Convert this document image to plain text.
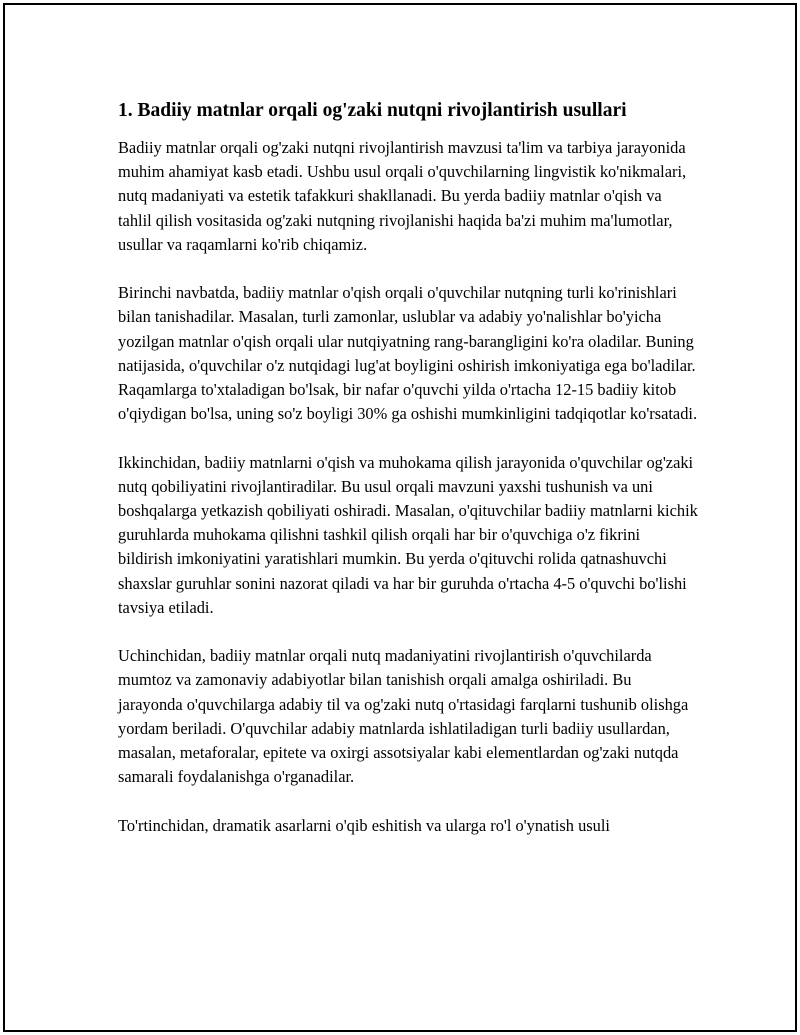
1. Badiiy matnlar orqali og'zaki nutqni rivojlantirish usullari

Badiiy matnlar orqali og'zaki nutqni rivojlantirish mavzusi ta'lim va tarbiya jarayonida muhim ahamiyat kasb etadi. Ushbu usul orqali o'quvchilarning lingvistik ko'nikmalari, nutq madaniyati va estetik tafakkuri shakllanadi. Bu yerda badiiy matnlar o'qish va tahlil qilish vositasida og'zaki nutqning rivojlanishi haqida ba'zi muhim ma'lumotlar, usullar va raqamlarni ko'rib chiqamiz.

Birinchi navbatda, badiiy matnlar o'qish orqali o'quvchilar nutqning turli ko'rinishlari bilan tanishadilar. Masalan, turli zamonlar, uslublar va adabiy yo'nalishlar bo'yicha yozilgan matnlar o'qish orqali ular nutqiyatning rang-barangligini ko'ra oladilar. Buning natijasida, o'quvchilar o'z nutqidagi lug'at boyligini oshirish imkoniyatiga ega bo'ladilar. Raqamlarga to'xtaladigan bo'lsak, bir nafar o'quvchi yilda o'rtacha 12-15 badiiy kitob o'qiydigan bo'lsa, uning so'z boyligi 30% ga oshishi mumkinligini tadqiqotlar ko'rsatadi.

Ikkinchidan, badiiy matnlarni o'qish va muhokama qilish jarayonida o'quvchilar og'zaki nutq qobiliyatini rivojlantiradilar. Bu usul orqali mavzuni yaxshi tushunish va uni boshqalarga yetkazish qobiliyati oshiradi. Masalan, o'qituvchilar badiiy matnlarni kichik guruhlarda muhokama qilishni tashkil qilish orqali har bir o'quvchiga o'z fikrini bildirish imkoniyatini yaratishlari mumkin. Bu yerda o'qituvchi rolida qatnashuvchi shaxslar guruhlar sonini nazorat qiladi va har bir guruhda o'rtacha 4-5 o'quvchi bo'lishi tavsiya etiladi.

Uchinchidan, badiiy matnlar orqali nutq madaniyatini rivojlantirish o'quvchilarda mumtoz va zamonaviy adabiyotlar bilan tanishish orqali amalga oshiriladi. Bu jarayonda o'quvchilarga adabiy til va og'zaki nutq o'rtasidagi farqlarni tushunib olishga yordam beriladi. O'quvchilar adabiy matnlarda ishlatiladigan turli badiiy usullardan, masalan, metaforalar, epitete va oxirgi assotsiyalar kabi elementlardan og'zaki nutqda samarali foydalanishga o'rganadilar.

To'rtinchidan, dramatik asarlarni o'qib eshitish va ularga ro'l o'ynatish usuli
